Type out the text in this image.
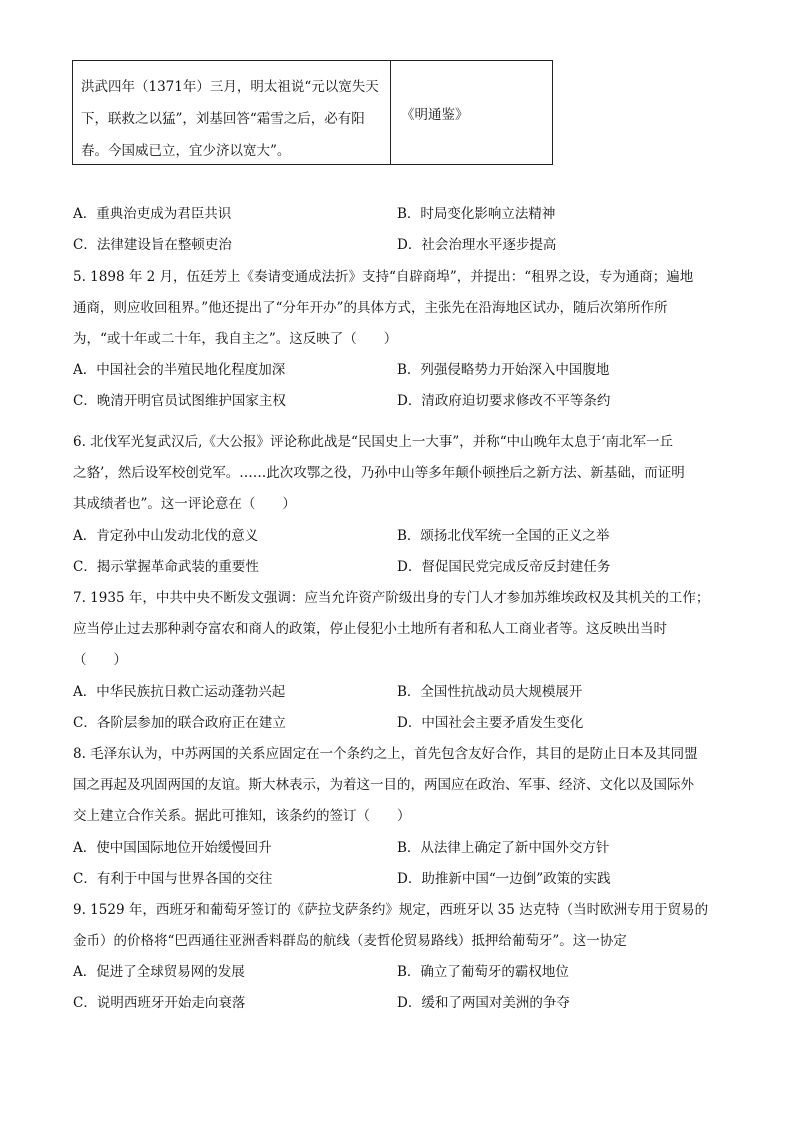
洪武四年（1371年）三月，明太祖说“元以宽失天下，联救之以猛”，刘基回答“霜雪之后，必有阳春。今国威已立，宜少济以宽大”。
《明通鉴》
A．重典治吏成为君臣共识	B．时局变化影响立法精神
C．法律建设旨在整顿吏治	D．社会治理水平逐步提高
5. 1898 年 2 月，伍廷芳上《奏请变通成法折》支持“自辟商埠”，并提出：“租界之设，专为通商；遍地
通商，则应收回租界。”他还提出了“分年开办”的具体方式，主张先在沿海地区试办，随后次第所作所
为，“或十年或二十年，我自主之”。这反映了（　　）
A．中国社会的半殖民地化程度加深	B．列强侵略势力开始深入中国腹地
C．晚清开明官员试图维护国家主权	D．清政府迫切要求修改不平等条约
6. 北伐军光复武汉后,《大公报》评论称此战是“民国史上一大事”，并称“中山晚年太息于‘南北军一丘
之貉’，然后设军校创党军。……此次攻鄂之役，乃孙中山等多年颠仆顿挫后之新方法、新基础，而证明
其成绩者也”。这一评论意在（　　）
A．肯定孙中山发动北伐的意义	B．颂扬北伐军统一全国的正义之举
C．揭示掌握革命武装的重要性	D．督促国民党完成反帝反封建任务
7. 1935 年，中共中央不断发文强调：应当允许资产阶级出身的专门人才参加苏维埃政权及其机关的工作；
应当停止过去那种剥夺富农和商人的政策，停止侵犯小土地所有者和私人工商业者等。这反映出当时
（　　）
A．中华民族抗日救亡运动蓬勃兴起	B．全国性抗战动员大规模展开
C．各阶层参加的联合政府正在建立	D．中国社会主要矛盾发生变化
8. 毛泽东认为，中苏两国的关系应固定在一个条约之上，首先包含友好合作，其目的是防止日本及其同盟
国之再起及巩固两国的友谊。斯大林表示，为着这一目的，两国应在政治、军事、经济、文化以及国际外
交上建立合作关系。据此可推知，该条约的签订（　　）
A．使中国国际地位开始缓慢回升	B．从法律上确定了新中国外交方针
C．有利于中国与世界各国的交往	D．助推新中国“一边倒”政策的实践
9. 1529 年，西班牙和葡萄牙签订的《萨拉戈萨条约》规定，西班牙以 35 达克特（当时欧洲专用于贸易的
金币）的价格将“巴西通往亚洲香料群岛的航线（麦哲伦贸易路线）抵押给葡萄牙”。这一协定
A．促进了全球贸易网的发展	B．确立了葡萄牙的霸权地位
C．说明西班牙开始走向衰落	D．缓和了两国对美洲的争夺
